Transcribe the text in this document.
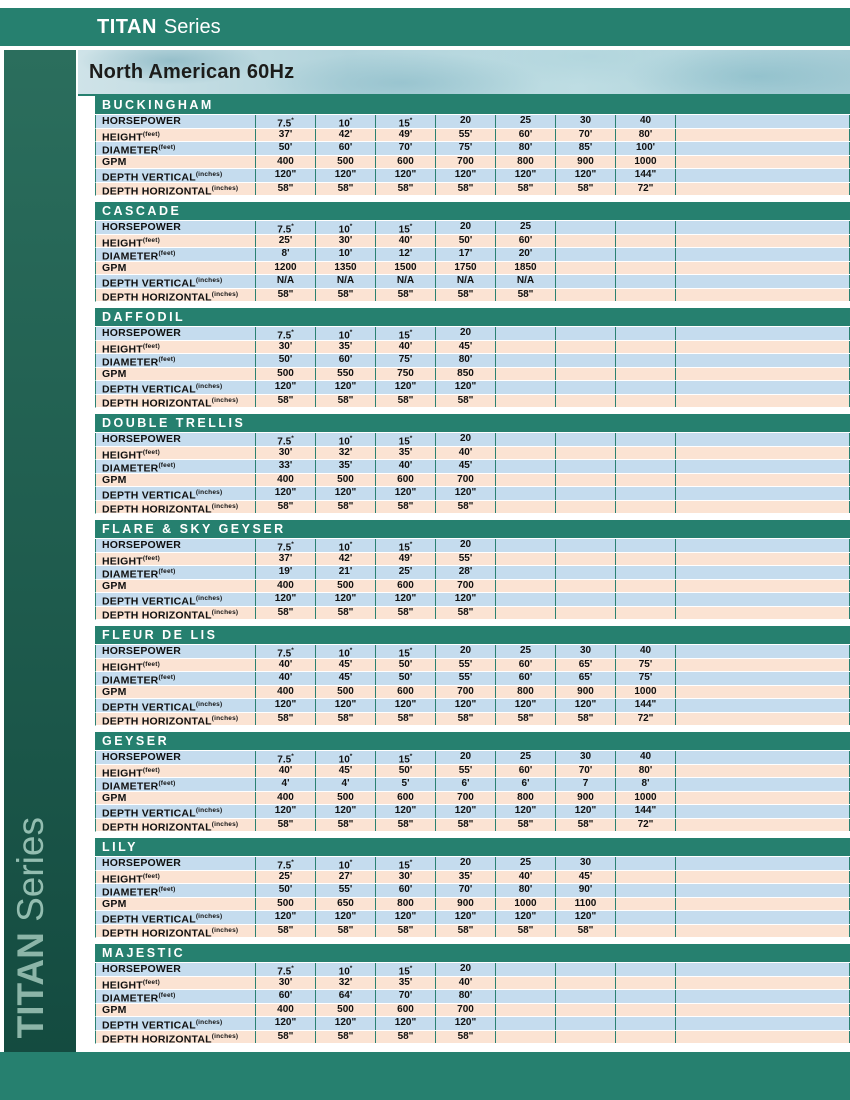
TITAN Series
TITAN Series
North American 60Hz
BUCKINGHAM
HORSEPOWER	7.5*	10*	15*	20	25	30	40
$HEIGHT^{(feet)}$	37'	42'	49'	55'	60'	70'	80'
$DIAMETER^{(feet)}$	50'	60'	70'	75'	80'	85'	100'
GPM	400	500	600	700	800	900	1000
DEPTH $VERTICAL^{(inches)}$	120"	120"	120"	120"	120"	120"	144"
DEPTH $HORIZONTAL^{(inches)}$	58"	58"	58"	58"	58"	58"	72"
CASCADE
HORSEPOWER	7.5*	10*	15*	20	25
$HEIGHT^{(feet)}$	25'	30'	40'	50'	60'
$DIAMETER^{(feet)}$	8'	10'	12'	17'	20'
GPM	1200	1350	1500	1750	1850
DEPTH $VERTICAL^{(inches)}$	N/A	N/A	N/A	N/A	N/A
DEPTH $HORIZONTAL^{(inches)}$	58"	58"	58"	58"	58"
DAFFODIL
HORSEPOWER	7.5*	10*	15*	20
$HEIGHT^{(feet)}$	30'	35'	40'	45'
$DIAMETER^{(feet)}$	50'	60'	75'	80'
GPM	500	550	750	850
DEPTH $VERTICAL^{(inches)}$	120"	120"	120"	120"
DEPTH $HORIZONTAL^{(inches)}$	58"	58"	58"	58"
DOUBLE TRELLIS
HORSEPOWER	7.5*	10*	15*	20
$HEIGHT^{(feet)}$	30'	32'	35'	40'
$DIAMETER^{(feet)}$	33'	35'	40'	45'
GPM	400	500	600	700
DEPTH $VERTICAL^{(inches)}$	120"	120"	120"	120"
DEPTH $HORIZONTAL^{(inches)}$	58"	58"	58"	58"
FLARE & SKY GEYSER
HORSEPOWER	7.5*	10*	15*	20
$HEIGHT^{(feet)}$	37'	42'	49'	55'
$DIAMETER^{(feet)}$	19'	21'	25'	28'
GPM	400	500	600	700
DEPTH $VERTICAL^{(inches)}$	120"	120"	120"	120"
DEPTH $HORIZONTAL^{(inches)}$	58"	58"	58"	58"
FLEUR DE LIS
HORSEPOWER	7.5*	10*	15*	20	25	30	40
$HEIGHT^{(feet)}$	40'	45'	50'	55'	60'	65'	75'
$DIAMETER^{(feet)}$	40'	45'	50'	55'	60'	65'	75'
GPM	400	500	600	700	800	900	1000
DEPTH $VERTICAL^{(inches)}$	120"	120"	120"	120"	120"	120"	144"
DEPTH $HORIZONTAL^{(inches)}$	58"	58"	58"	58"	58"	58"	72"
GEYSER
HORSEPOWER	7.5*	10*	15*	20	25	30	40
$HEIGHT^{(feet)}$	40'	45'	50'	55'	60'	70'	80'
$DIAMETER^{(feet)}$	4'	4'	5'	6'	6'	7	8'
GPM	400	500	600	700	800	900	1000
DEPTH $VERTICAL^{(inches)}$	120"	120"	120"	120"	120"	120"	144"
DEPTH $HORIZONTAL^{(inches)}$	58"	58"	58"	58"	58"	58"	72"
LILY
HORSEPOWER	7.5*	10*	15*	20	25	30
$HEIGHT^{(feet)}$	25'	27'	30'	35'	40'	45'
$DIAMETER^{(feet)}$	50'	55'	60'	70'	80'	90'
GPM	500	650	800	900	1000	1100
DEPTH $VERTICAL^{(inches)}$	120"	120"	120"	120"	120"	120"
DEPTH $HORIZONTAL^{(inches)}$	58"	58"	58"	58"	58"	58"
MAJESTIC
HORSEPOWER	7.5*	10*	15*	20
$HEIGHT^{(feet)}$	30'	32'	35'	40'
$DIAMETER^{(feet)}$	60'	64'	70'	80'
GPM	400	500	600	700
DEPTH $VERTICAL^{(inches)}$	120"	120"	120"	120"
DEPTH $HORIZONTAL^{(inches)}$	58"	58"	58"	58"
